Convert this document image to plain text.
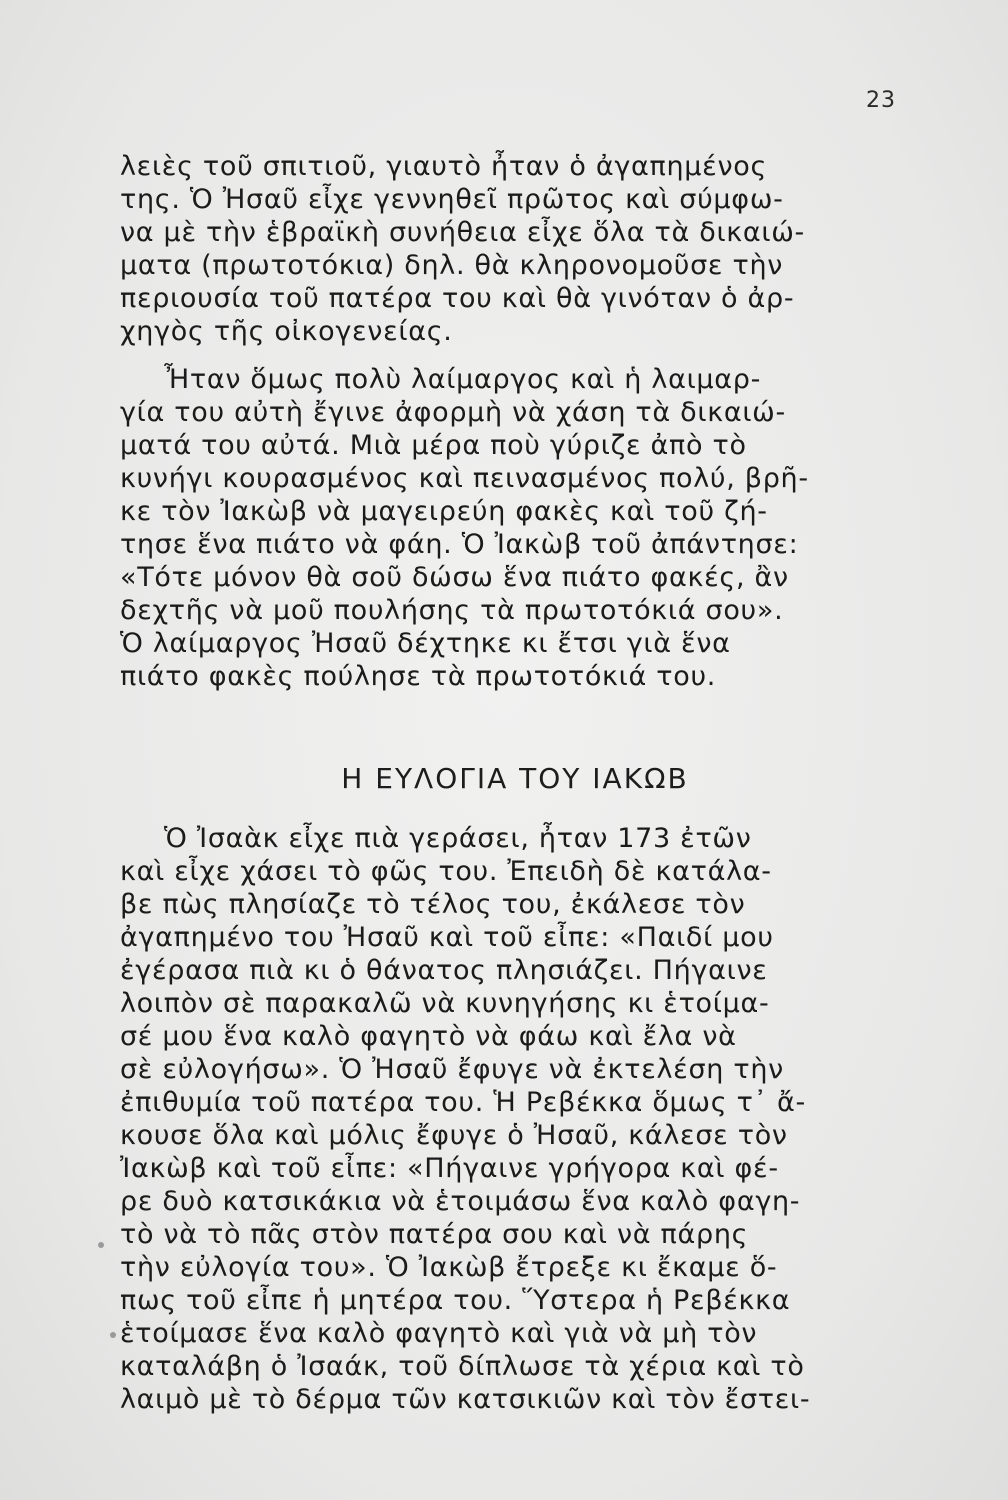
23
λειὲς τοῦ σπιτιοῦ, γιαυτὸ ἦταν ὁ ἀγαπημένος
της. Ὁ Ἠσαῦ εἶχε γεννηθεῖ πρῶτος καὶ σύμφω-
να μὲ τὴν ἑβραϊκὴ συνήθεια εἶχε ὅλα τὰ δικαιώ-
ματα (πρωτοτόκια) δηλ. θὰ κληρονομοῦσε τὴν
περιουσία τοῦ πατέρα του καὶ θὰ γινόταν ὁ ἀρ-
χηγὸς τῆς οἰκογενείας.
Ἦταν ὅμως πολὺ λαίμαργος καὶ ἡ λαιμαρ-
γία του αὐτὴ ἔγινε ἀφορμὴ νὰ χάση τὰ δικαιώ-
ματά του αὐτά. Μιὰ μέρα ποὺ γύριζε ἀπὸ τὸ
κυνήγι κουρασμένος καὶ πεινασμένος πολύ, βρῆ-
κε τὸν Ἰακὼβ νὰ μαγειρεύη φακὲς καὶ τοῦ ζή-
τησε ἕνα πιάτο νὰ φάη. Ὁ Ἰακὼβ τοῦ ἀπάντησε:
«Τότε μόνον θὰ σοῦ δώσω ἕνα πιάτο φακές, ἂν
δεχτῆς νὰ μοῦ πουλήσης τὰ πρωτοτόκιά σου».
Ὁ λαίμαργος Ἠσαῦ δέχτηκε κι ἔτσι γιὰ ἕνα
πιάτο φακὲς πούλησε τὰ πρωτοτόκιά του.
Η ΕΥΛΟΓΙΑ ΤΟΥ ΙΑΚΩΒ
Ὁ Ἰσαὰκ εἶχε πιὰ γεράσει, ἦταν 173 ἐτῶν
καὶ εἶχε χάσει τὸ φῶς του. Ἐπειδὴ δὲ κατάλα-
βε πὼς πλησίαζε τὸ τέλος του, ἐκάλεσε τὸν
ἀγαπημένο του Ἠσαῦ καὶ τοῦ εἶπε: «Παιδί μου
ἐγέρασα πιὰ κι ὁ θάνατος πλησιάζει. Πήγαινε
λοιπὸν σὲ παρακαλῶ νὰ κυνηγήσης κι ἑτοίμα-
σέ μου ἕνα καλὸ φαγητὸ νὰ φάω καὶ ἔλα νὰ
σὲ εὐλογήσω». Ὁ Ἠσαῦ ἔφυγε νὰ ἐκτελέση τὴν
ἐπιθυμία τοῦ πατέρα του. Ἡ Ρεβέκκα ὅμως τ᾽ ἄ-
κουσε ὅλα καὶ μόλις ἔφυγε ὁ Ἠσαῦ, κάλεσε τὸν
Ἰακὼβ καὶ τοῦ εἶπε: «Πήγαινε γρήγορα καὶ φέ-
ρε δυὸ κατσικάκια νὰ ἑτοιμάσω ἕνα καλὸ φαγη-
τὸ νὰ τὸ πᾶς στὸν πατέρα σου καὶ νὰ πάρης
τὴν εὐλογία του». Ὁ Ἰακὼβ ἔτρεξε κι ἔκαμε ὅ-
πως τοῦ εἶπε ἡ μητέρα του. Ὕστερα ἡ Ρεβέκκα
ἑτοίμασε ἕνα καλὸ φαγητὸ καὶ γιὰ νὰ μὴ τὸν
καταλάβη ὁ Ἰσαάκ, τοῦ δίπλωσε τὰ χέρια καὶ τὸ
λαιμὸ μὲ τὸ δέρμα τῶν κατσικιῶν καὶ τὸν ἔστει-
